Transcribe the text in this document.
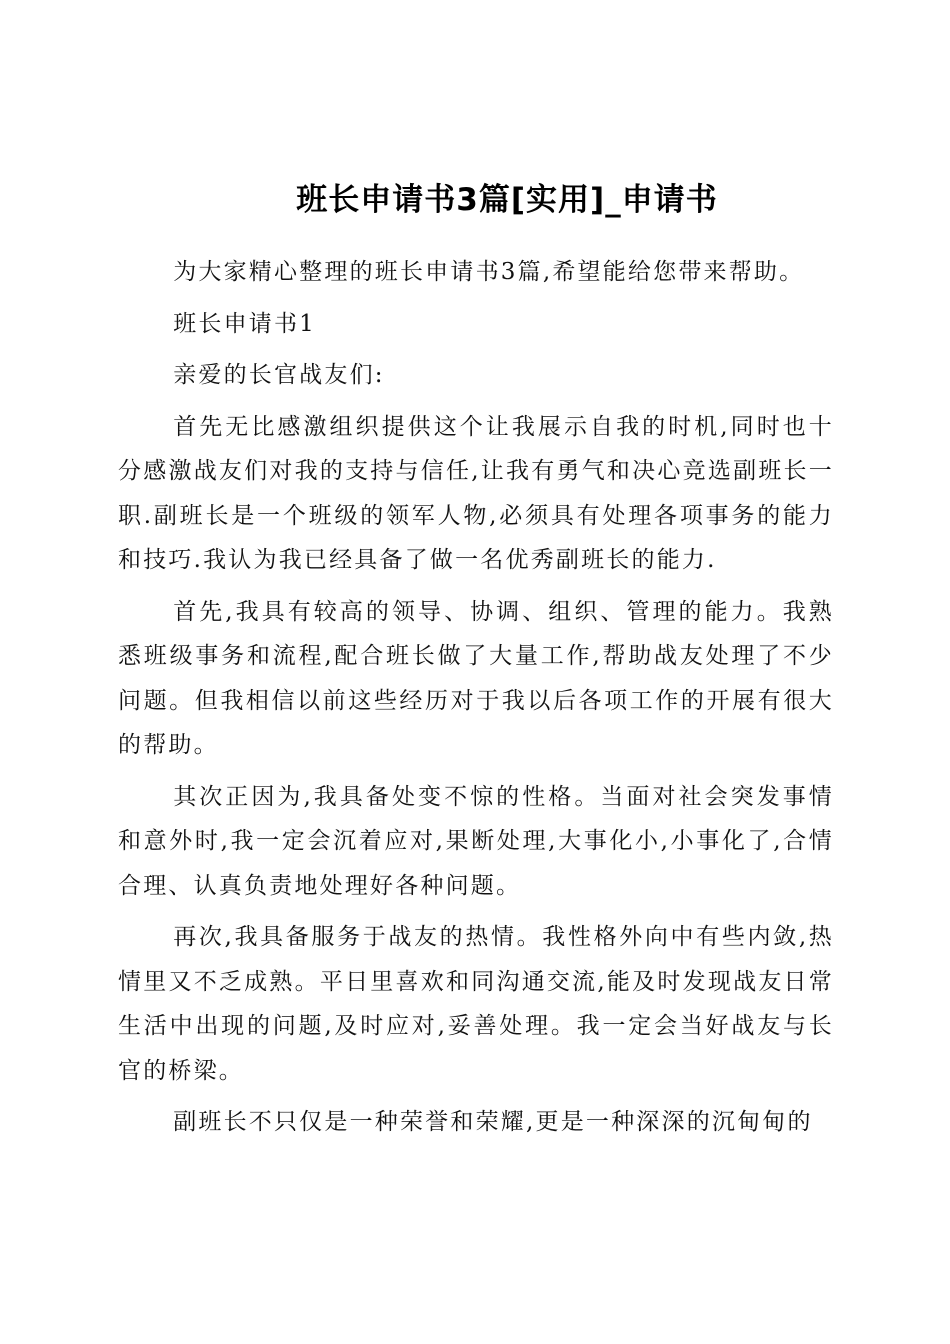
班长申请书3篇[实用]_申请书

为大家精心整理的班长申请书3篇,希望能给您带来帮助。

班长申请书1

亲爱的长官战友们:

首先无比感激组织提供这个让我展示自我的时机,同时也十分感激战友们对我的支持与信任,让我有勇气和决心竞选副班长一职.副班长是一个班级的领军人物,必须具有处理各项事务的能力和技巧.我认为我已经具备了做一名优秀副班长的能力.

首先,我具有较高的领导、协调、组织、管理的能力。我熟悉班级事务和流程,配合班长做了大量工作,帮助战友处理了不少问题。但我相信以前这些经历对于我以后各项工作的开展有很大的帮助。

其次正因为,我具备处变不惊的性格。当面对社会突发事情和意外时,我一定会沉着应对,果断处理,大事化小,小事化了,合情合理、认真负责地处理好各种问题。

再次,我具备服务于战友的热情。我性格外向中有些内敛,热情里又不乏成熟。平日里喜欢和同沟通交流,能及时发现战友日常生活中出现的问题,及时应对,妥善处理。我一定会当好战友与长官的桥梁。

副班长不只仅是一种荣誉和荣耀,更是一种深深的沉甸甸的
